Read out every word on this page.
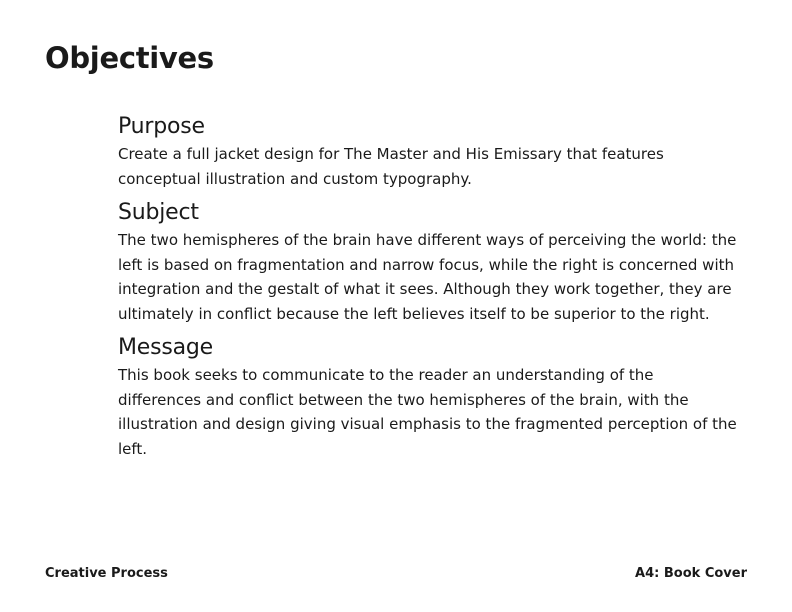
Objectives
Purpose

Create a full jacket design for The Master and His Emissary that features conceptual illustration and custom typography.

Subject

The two hemispheres of the brain have different ways of perceiving the world: the left is based on fragmentation and narrow focus, while the right is concerned with integration and the gestalt of what it sees. Although they work together, they are ultimately in conflict because the left believes itself to be superior to the right.

Message

This book seeks to communicate to the reader an understanding of the differences and conflict between the two hemispheres of the brain, with the illustration and design giving visual emphasis to the fragmented perception of the left.

Creative Process	A4: Book Cover
